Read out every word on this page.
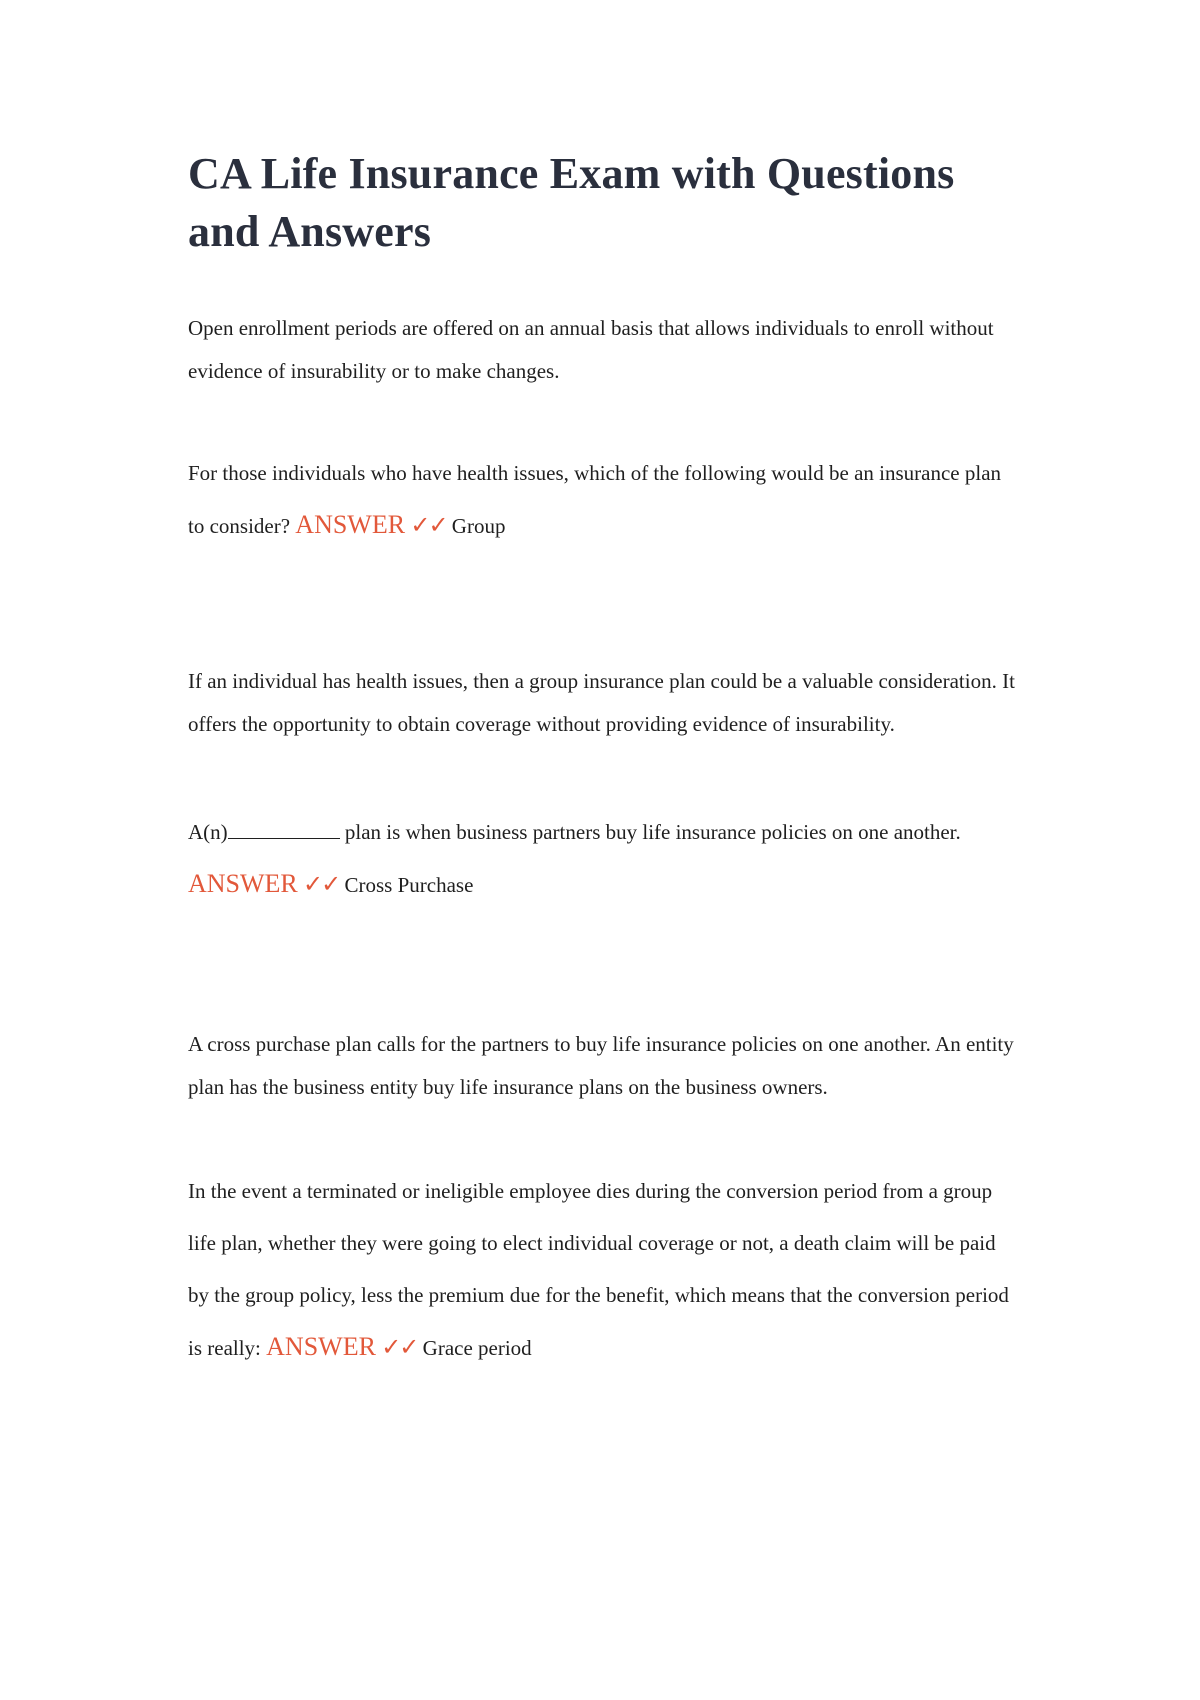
CA Life Insurance Exam with Questions and Answers

Open enrollment periods are offered on an annual basis that allows individuals to enroll without evidence of insurability or to make changes.

For those individuals who have health issues, which of the following would be an insurance plan to consider? ANSWER ✓✓ Group

If an individual has health issues, then a group insurance plan could be a valuable consideration. It offers the opportunity to obtain coverage without providing evidence of insurability.

A(n)	plan is when business partners buy life insurance policies on one another.
ANSWER ✓✓ Cross Purchase

A cross purchase plan calls for the partners to buy life insurance policies on one another. An entity plan has the business entity buy life insurance plans on the business owners.

In the event a terminated or ineligible employee dies during the conversion period from a group life plan, whether they were going to elect individual coverage or not, a death claim will be paid by the group policy, less the premium due for the benefit, which means that the conversion period is really: ANSWER ✓✓ Grace period
